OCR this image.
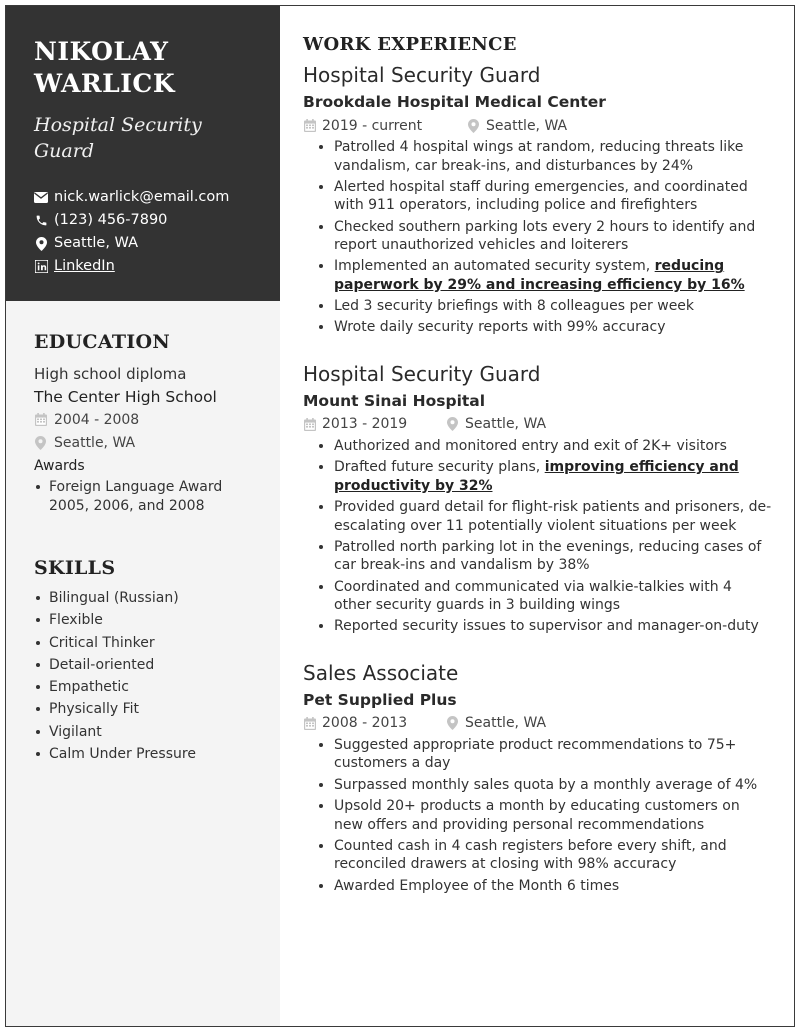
NIKOLAY
WARLICK
Hospital Security
Guard
nick.warlick@email.com
(123) 456-7890
Seattle, WA
LinkedIn
EDUCATION
High school diploma
The Center High School
2004 - 2008
Seattle, WA
Awards
Foreign Language Award 2005, 2006, and 2008
SKILLS
Bilingual (Russian)
Flexible
Critical Thinker
Detail-oriented
Empathetic
Physically Fit
Vigilant
Calm Under Pressure
WORK EXPERIENCE
Hospital Security Guard
Brookdale Hospital Medical Center
2019 - current	Seattle, WA
Patrolled 4 hospital wings at random, reducing threats like vandalism, car break-ins, and disturbances by 24%
Alerted hospital staff during emergencies, and coordinated with 911 operators, including police and firefighters
Checked southern parking lots every 2 hours to identify and report unauthorized vehicles and loiterers
Implemented an automated security system, reducing paperwork by 29% and increasing efficiency by 16%
Led 3 security briefings with 8 colleagues per week
Wrote daily security reports with 99% accuracy
Hospital Security Guard
Mount Sinai Hospital
2013 - 2019	Seattle, WA
Authorized and monitored entry and exit of 2K+ visitors
Drafted future security plans, improving efficiency and productivity by 32%
Provided guard detail for flight-risk patients and prisoners, de-escalating over 11 potentially violent situations per week
Patrolled north parking lot in the evenings, reducing cases of car break-ins and vandalism by 38%
Coordinated and communicated via walkie-talkies with 4 other security guards in 3 building wings
Reported security issues to supervisor and manager-on-duty
Sales Associate
Pet Supplied Plus
2008 - 2013	Seattle, WA
Suggested appropriate product recommendations to 75+ customers a day
Surpassed monthly sales quota by a monthly average of 4%
Upsold 20+ products a month by educating customers on new offers and providing personal recommendations
Counted cash in 4 cash registers before every shift, and reconciled drawers at closing with 98% accuracy
Awarded Employee of the Month 6 times
